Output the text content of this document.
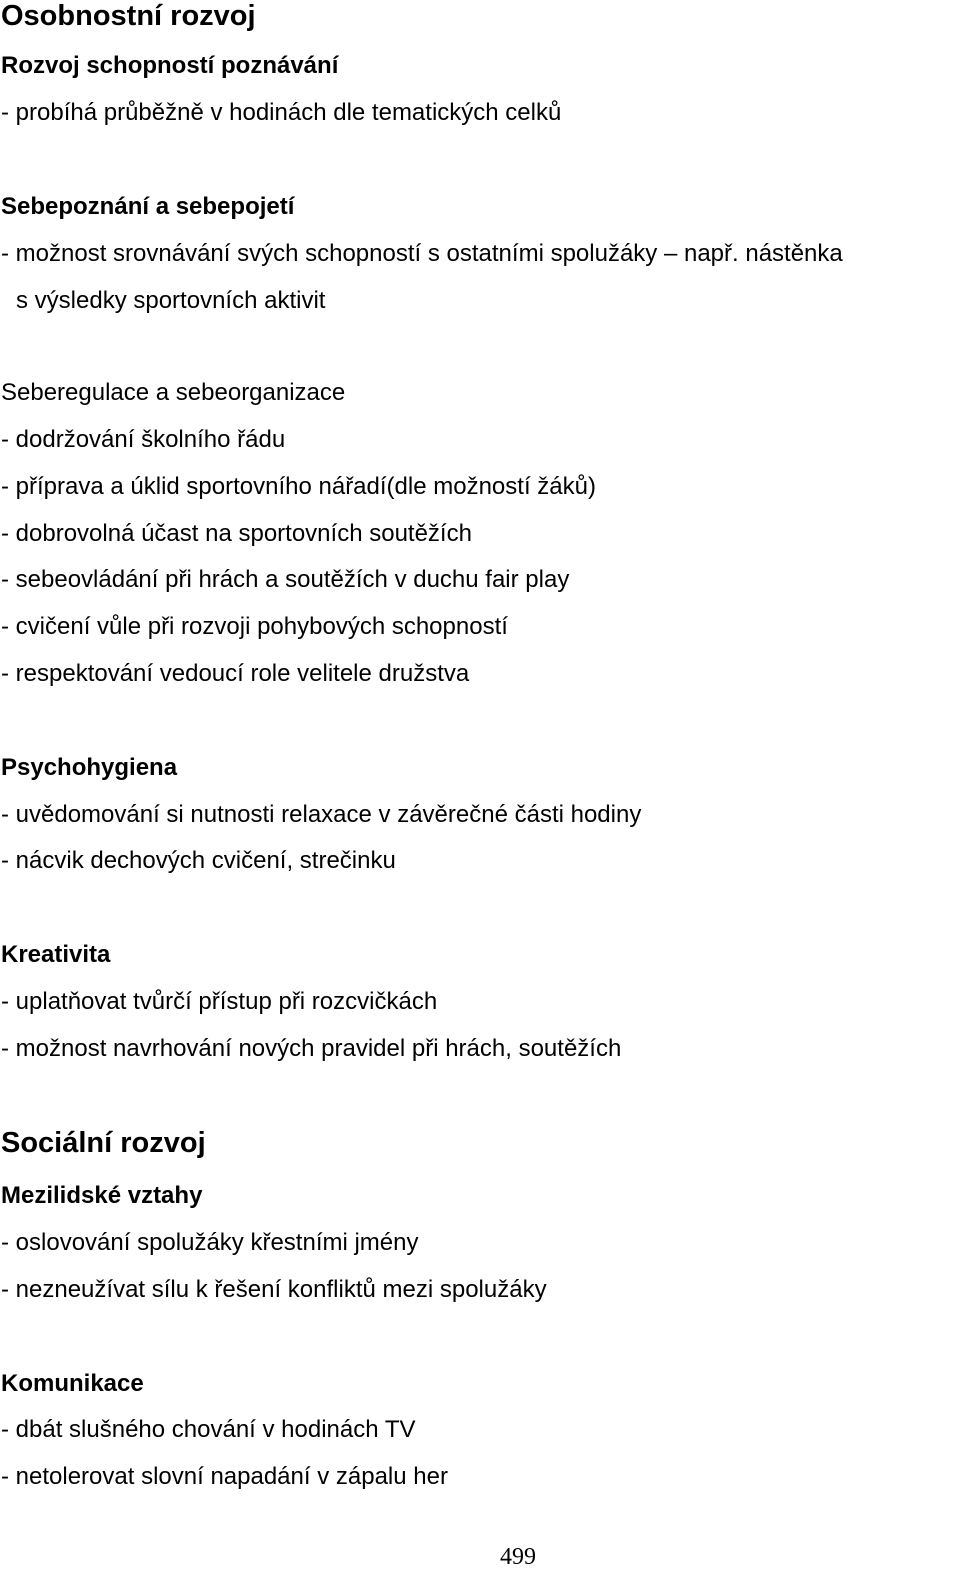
Osobnostní rozvoj
Rozvoj schopností poznávání
- probíhá průběžně v hodinách dle tematických celků
Sebepoznání a sebepojetí
- možnost srovnávání svých schopností s ostatními spolužáky – např. nástěnka
s výsledky sportovních aktivit
Seberegulace a sebeorganizace
- dodržování školního řádu
- příprava a úklid sportovního nářadí(dle možností žáků)
- dobrovolná účast na sportovních soutěžích
- sebeovládání při hrách a soutěžích v duchu fair play
- cvičení vůle při rozvoji pohybových schopností
- respektování vedoucí role velitele družstva
Psychohygiena
- uvědomování si nutnosti relaxace v závěrečné části hodiny
- nácvik dechových cvičení, strečinku
Kreativita
- uplatňovat tvůrčí přístup při rozcvičkách
- možnost navrhování nových pravidel při hrách, soutěžích
Sociální rozvoj
Mezilidské vztahy
- oslovování spolužáky křestními jmény
- nezneužívat sílu k řešení konfliktů mezi spolužáky
Komunikace
- dbát slušného chování v hodinách TV
- netolerovat slovní napadání v zápalu her
499
